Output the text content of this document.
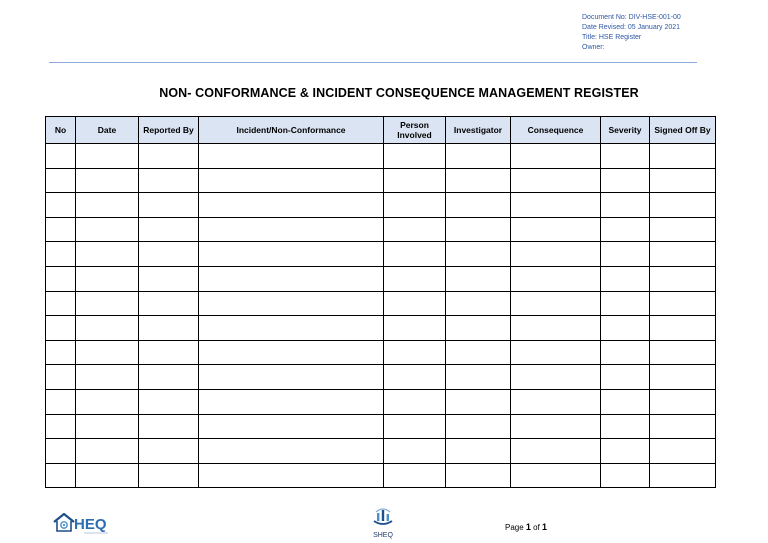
Document No: DIV-HSE-001-00
Date Revised: 05 January 2021
Title: HSE Register
Owner:
NON- CONFORMANCE & INCIDENT CONSEQUENCE MANAGEMENT REGISTER
No	Date	Reported By	Incident/Non-Conformance	Person Involved	Investigator	Consequence	Severity	Signed Off By

HEQ
SHEQ
Page 1 of 1
